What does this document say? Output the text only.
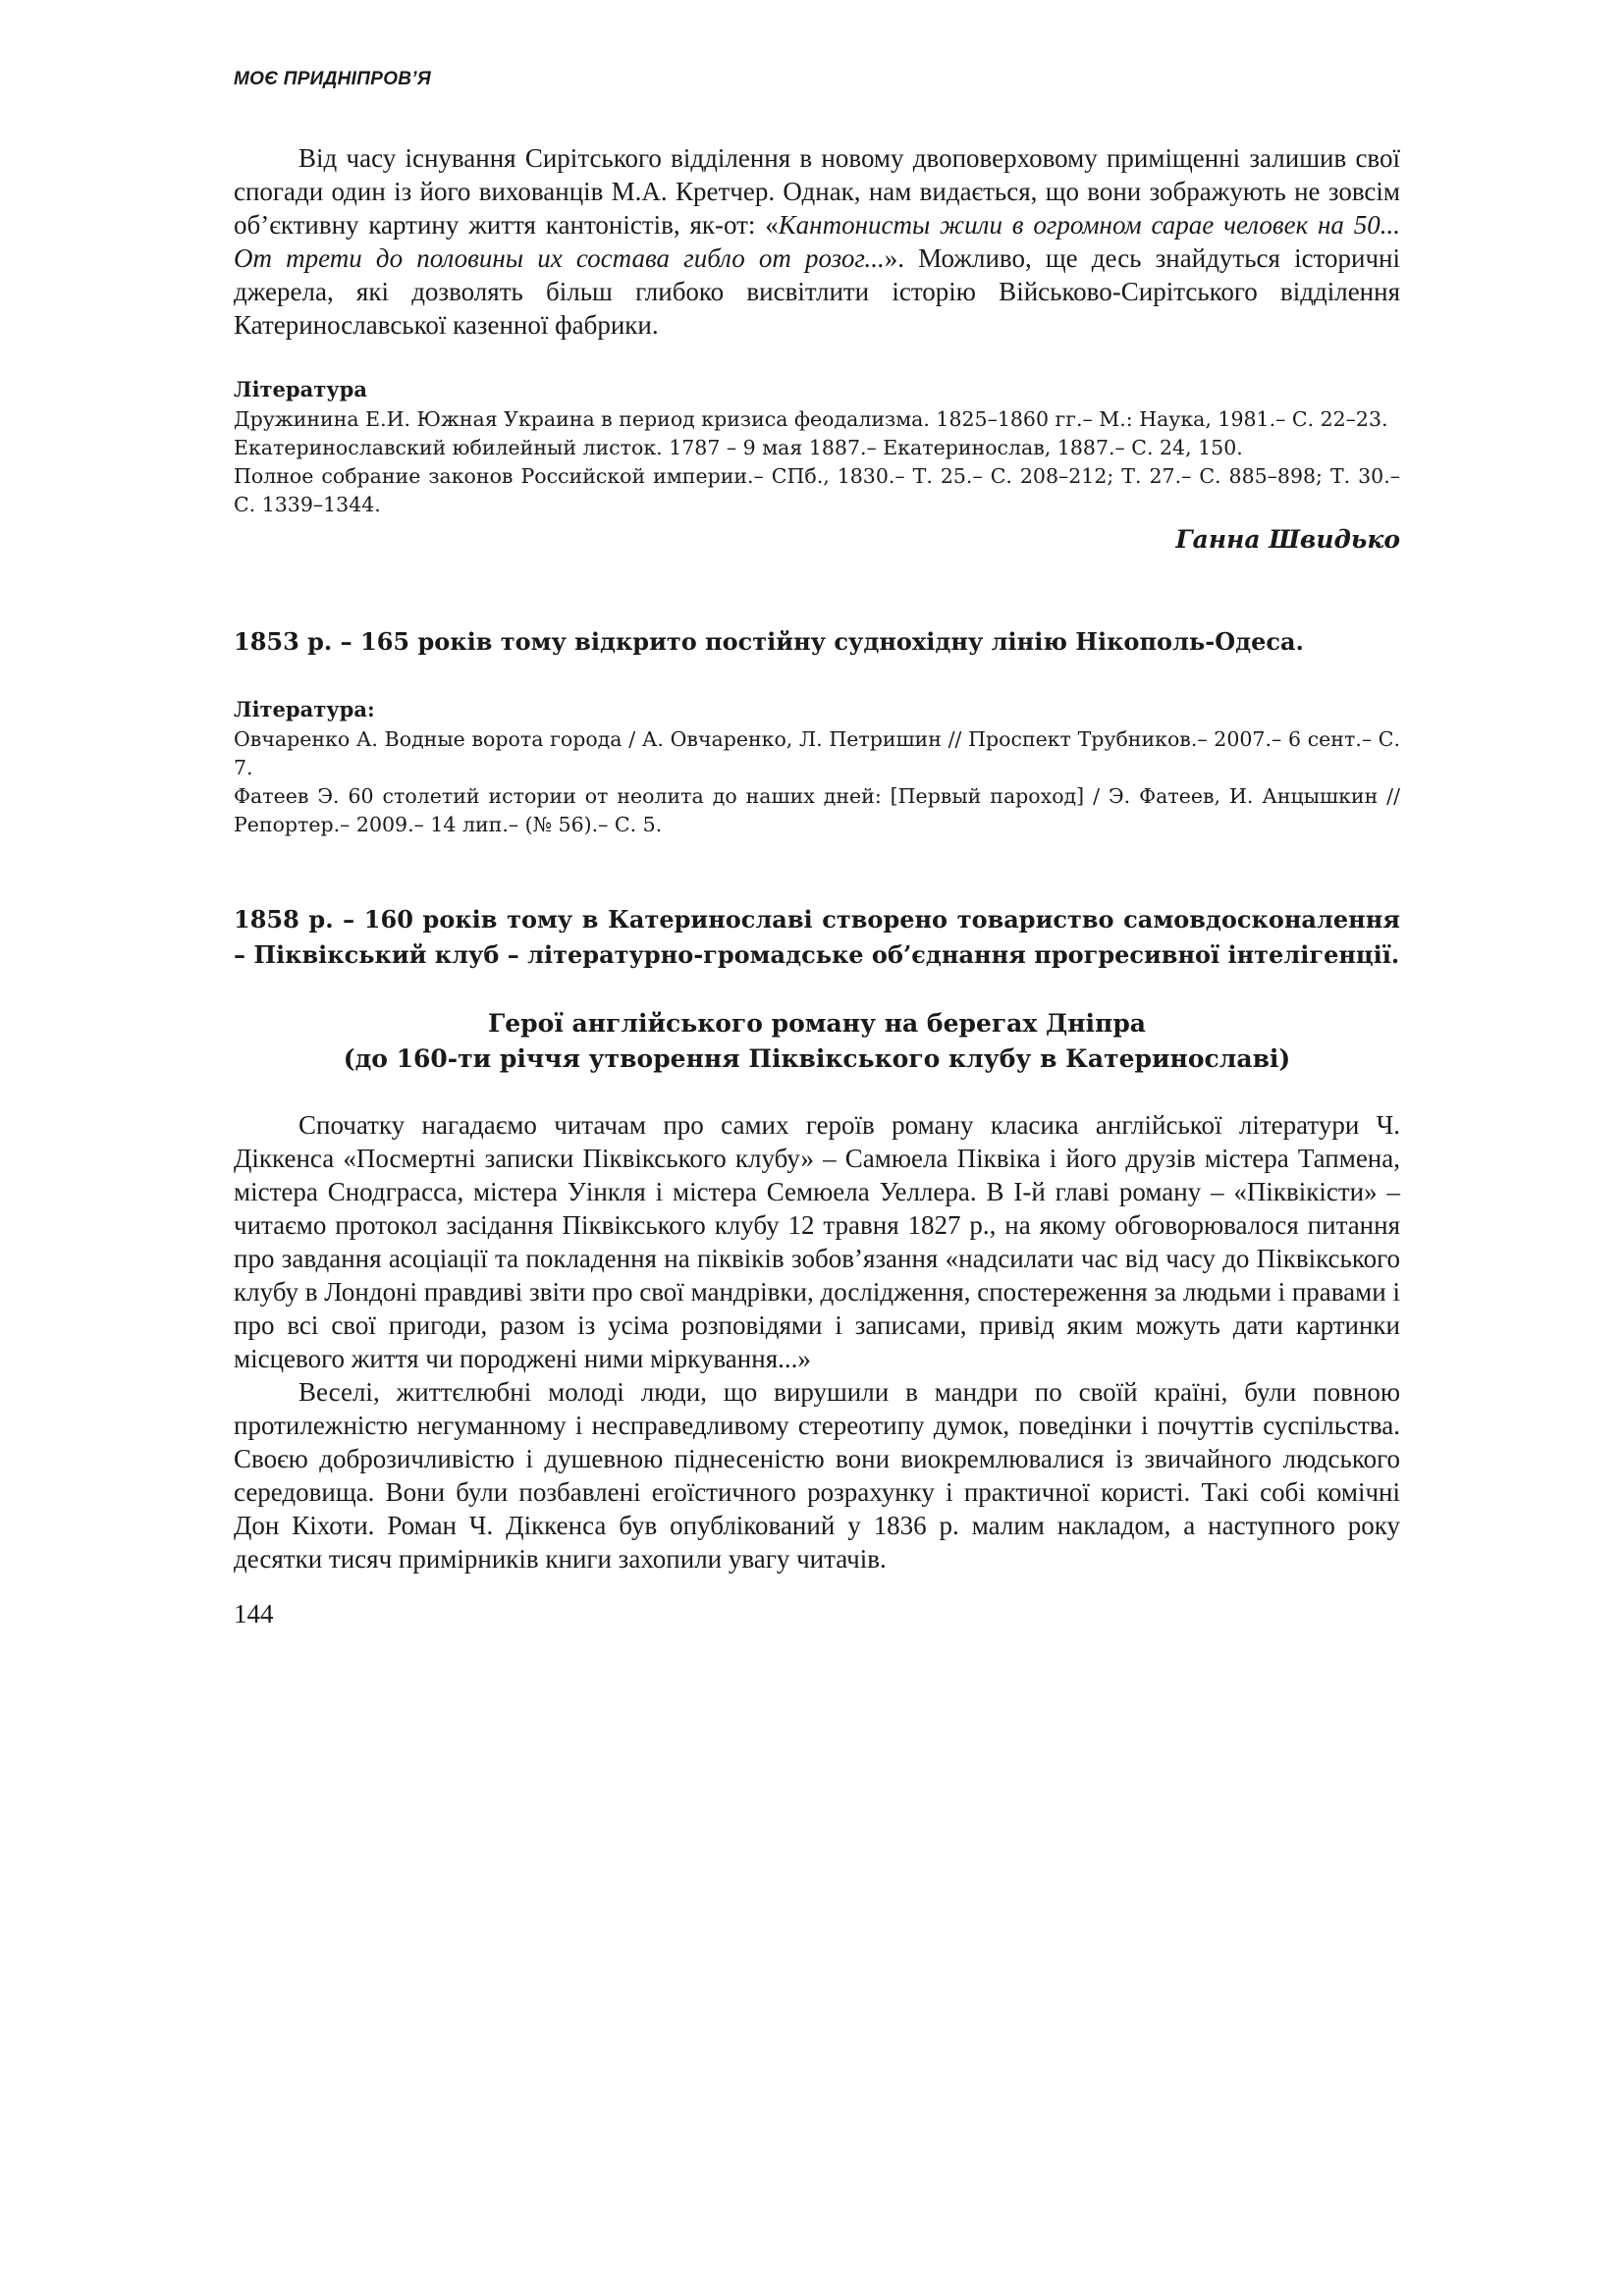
МОЄ ПРИДНІПРОВ’Я

Від часу існування Сирітського відділення в новому двоповерховому приміщенні залишив свої спогади один із його вихованців М.А. Кретчер. Однак, нам видається, що вони зображують не зовсім об’єктивну картину життя кантоністів, як-от: «Кантонисты жили в огромном сарае человек на 50... От трети до половины их состава гибло от розог...». Можливо, ще десь знайдуться історичні джерела, які дозволять більш глибоко висвітлити історію Військово-Сирітського відділення Катеринославської казенної фабрики.

Література
Дружинина Е.И. Южная Украина в период кризиса феодализма. 1825–1860 гг.– М.: Наука, 1981.– С. 22–23.
Екатеринославский юбилейный листок. 1787 – 9 мая 1887.– Екатеринослав, 1887.– С. 24, 150.
Полное собрание законов Российской империи.– СПб., 1830.– Т. 25.– С. 208–212; Т. 27.– С. 885–898; Т. 30.– С. 1339–1344.

Ганна Швидько

1853 р. – 165 років тому відкрито постійну суднохідну лінію Нікополь-Одеса.

Література:
Овчаренко А. Водные ворота города / А. Овчаренко, Л. Петришин // Проспект Трубников.– 2007.– 6 сент.– С. 7.
Фатеев Э. 60 столетий истории от неолита до наших дней: [Первый пароход] / Э. Фатеев, И. Анцышкин // Репортер.– 2009.– 14 лип.– (№ 56).– С. 5.

1858 р. – 160 років тому в Катеринославі створено товариство самовдосконалення – Піквікський клуб – літературно-громадське об’єднання прогресивної інтелігенції.

Герої англійського роману на берегах Дніпра

(до 160-ти річчя утворення Піквікського клубу в Катеринославі)

Спочатку нагадаємо читачам про самих героїв роману класика англійської літератури Ч. Діккенса «Посмертні записки Піквікського клубу» – Самюела Піквіка і його друзів містера Тапмена, містера Снодграсса, містера Уінкля і містера Семюела Уеллера. В І-й главі роману – «Піквікісти» – читаємо протокол засідання Піквікського клубу 12 травня 1827 р., на якому обговорювалося питання про завдання асоціації та покладення на піквіків зобов’язання «надсилати час від часу до Піквікського клубу в Лондоні правдиві звіти про свої мандрівки, дослідження, спостереження за людьми і правами і про всі свої пригоди, разом із усіма розповідями і записами, привід яким можуть дати картинки місцевого життя чи породжені ними міркування...»

Веселі, життєлюбні молоді люди, що вирушили в мандри по своїй країні, були повною протилежністю негуманному і несправедливому стереотипу думок, поведінки і почуттів суспільства. Своєю доброзичливістю і душевною піднесеністю вони виокремлювалися із звичайного людського середовища. Вони були позбавлені егоїстичного розрахунку і практичної користі. Такі собі комічні Дон Кіхоти. Роман Ч. Діккенса був опублікований у 1836 р. малим накладом, а наступного року десятки тисяч примірників книги захопили увагу читачів.

144
